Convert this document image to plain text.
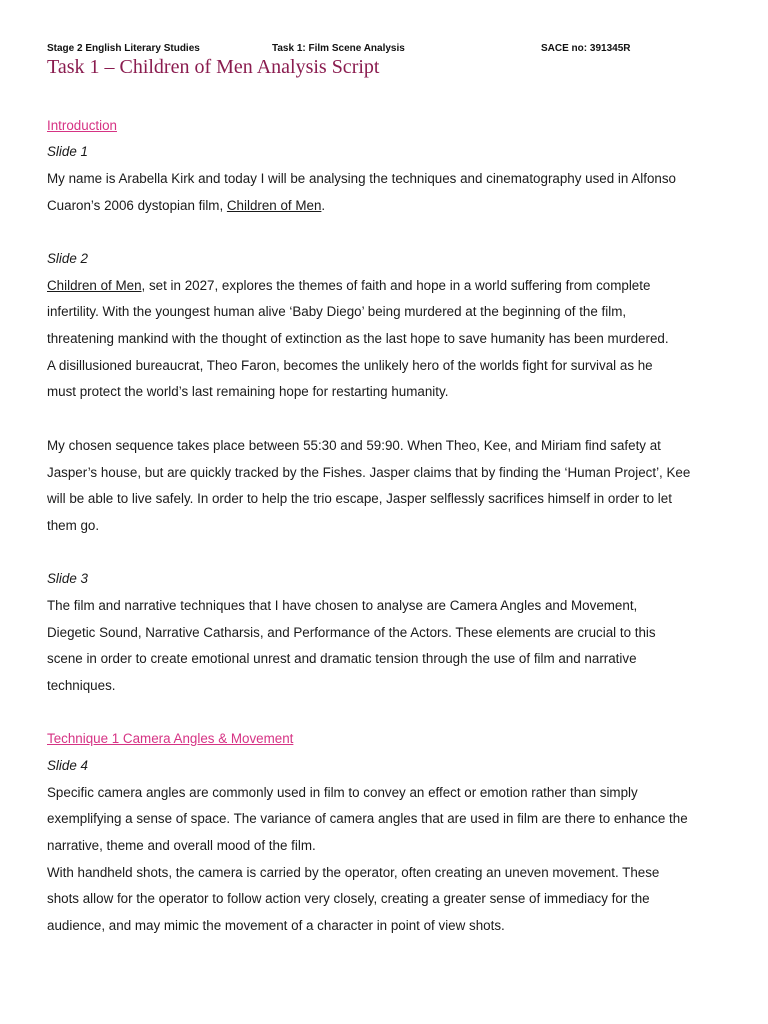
Stage 2 English Literary Studies	Task 1: Film Scene Analysis	SACE no: 391345R
Task 1 – Children of Men Analysis Script
Introduction
Slide 1
My name is Arabella Kirk and today I will be analysing the techniques and cinematography used in Alfonso
Cuaron’s 2006 dystopian film, Children of Men.
Slide 2
Children of Men, set in 2027, explores the themes of faith and hope in a world suffering from complete
infertility. With the youngest human alive ‘Baby Diego’ being murdered at the beginning of the film,
threatening mankind with the thought of extinction as the last hope to save humanity has been murdered.
A disillusioned bureaucrat, Theo Faron, becomes the unlikely hero of the worlds fight for survival as he
must protect the world’s last remaining hope for restarting humanity.
My chosen sequence takes place between 55:30 and 59:90. When Theo, Kee, and Miriam find safety at
Jasper’s house, but are quickly tracked by the Fishes. Jasper claims that by finding the ‘Human Project’, Kee
will be able to live safely. In order to help the trio escape, Jasper selflessly sacrifices himself in order to let
them go.
Slide 3
The film and narrative techniques that I have chosen to analyse are Camera Angles and Movement,
Diegetic Sound, Narrative Catharsis, and Performance of the Actors. These elements are crucial to this
scene in order to create emotional unrest and dramatic tension through the use of film and narrative
techniques.
Technique 1 Camera Angles & Movement
Slide 4
Specific camera angles are commonly used in film to convey an effect or emotion rather than simply
exemplifying a sense of space. The variance of camera angles that are used in film are there to enhance the
narrative, theme and overall mood of the film.
With handheld shots, the camera is carried by the operator, often creating an uneven movement. These
shots allow for the operator to follow action very closely, creating a greater sense of immediacy for the
audience, and may mimic the movement of a character in point of view shots.
